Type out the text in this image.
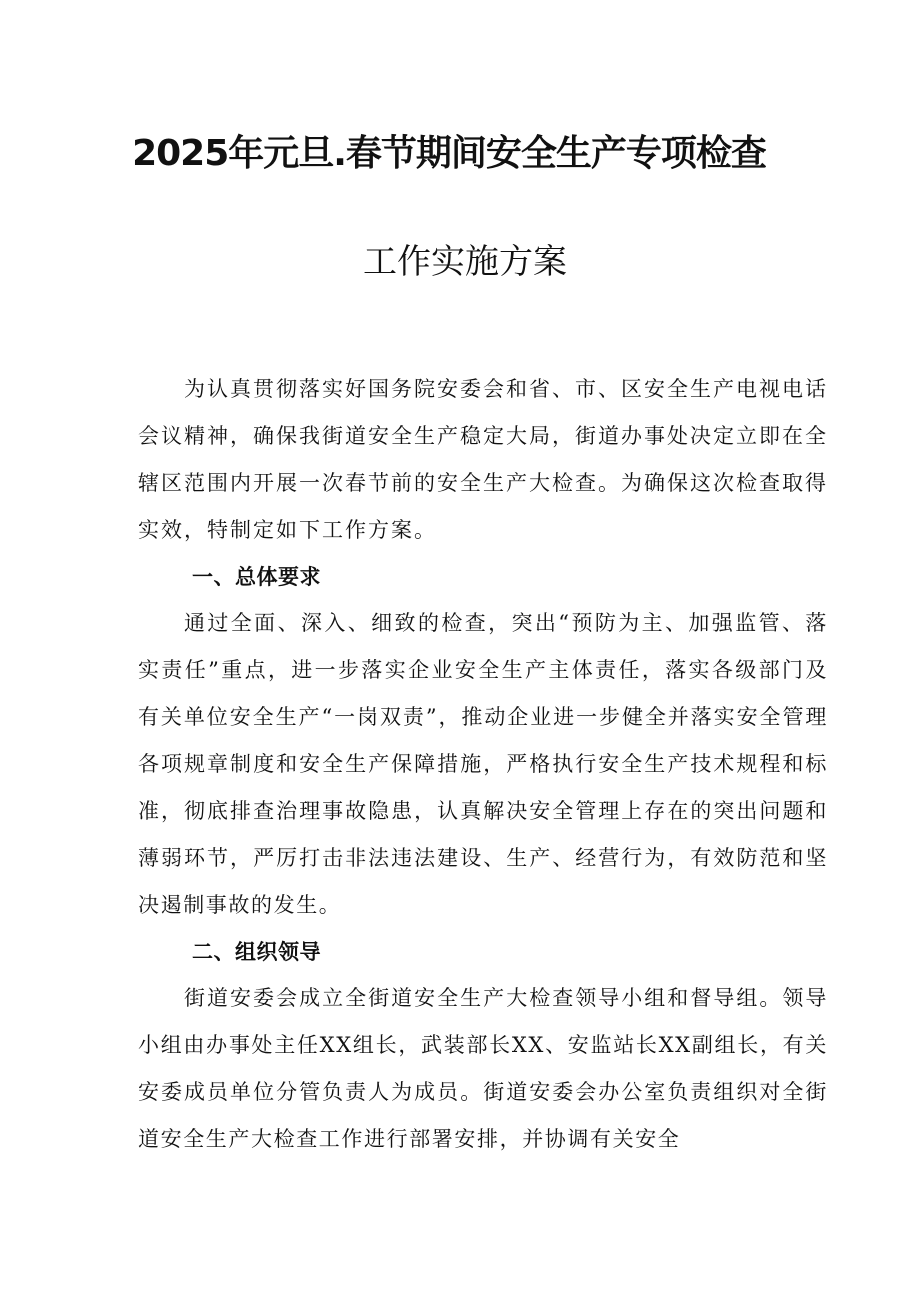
2025年元旦.春节期间安全生产专项检查
工作实施方案

为认真贯彻落实好国务院安委会和省、市、区安全生产电视电话会议精神，确保我街道安全生产稳定大局，街道办事处决定立即在全辖区范围内开展一次春节前的安全生产大检查。为确保这次检查取得实效，特制定如下工作方案。

一、总体要求

通过全面、深入、细致的检查，突出“预防为主、加强监管、落实责任”重点，进一步落实企业安全生产主体责任，落实各级部门及有关单位安全生产“一岗双责”，推动企业进一步健全并落实安全管理各项规章制度和安全生产保障措施，严格执行安全生产技术规程和标准，彻底排查治理事故隐患，认真解决安全管理上存在的突出问题和薄弱环节，严厉打击非法违法建设、生产、经营行为，有效防范和坚决遏制事故的发生。

二、组织领导

街道安委会成立全街道安全生产大检查领导小组和督导组。领导小组由办事处主任XX组长，武装部长XX、安监站长XX副组长，有关安委成员单位分管负责人为成员。街道安委会办公室负责组织对全街道安全生产大检查工作进行部署安排，并协调有关安全
